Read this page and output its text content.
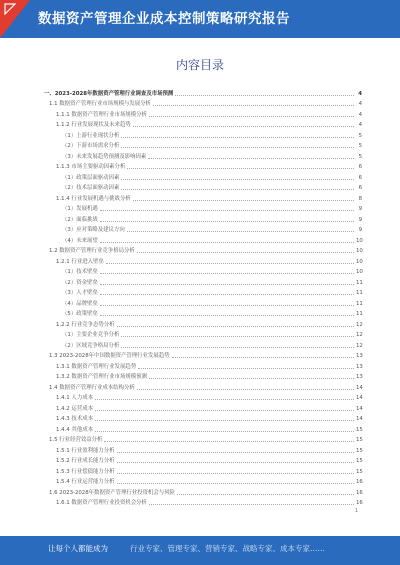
数据资产管理企业成本控制策略研究报告
内容目录
一、2023-2028年数据资产管理行业调查及市场预测	4
1.1 数据资产管理行业市场规模与发展分析	4
1.1.1 数据资产管理行业市场规模分析	4
1.1.2 行业发展现状及未来趋势	4
（1）上游行业现状分析	5
（2）下游市场需求分析	5
（3）未来发展趋势预测及影响因素	5
1.1.3 市场主要驱动因素分析	6
（1）政策层面驱动因素	6
（2）技术层面驱动因素	6
1.1.4 行业发展机遇与挑战分析	8
（1）发展机遇	9
（2）面临挑战	9
（3）应对策略及建议方向	9
（4）未来展望	10
1.2 数据资产管理行业竞争格局分析	10
1.2.1 行业进入壁垒	10
（1）技术壁垒	10
（2）资金壁垒	11
（3）人才壁垒	11
（4）品牌壁垒	11
（5）政策壁垒	11
1.2.2 行业竞争态势分析	12
（1）主要企业竞争分析	12
（2）区域竞争格局分析	12
1.3 2023-2028年中国数据资产管理行业发展趋势	13
1.3.1 数据资产管理行业发展趋势	13
1.3.2 数据资产管理行业市场规模预测	13
1.4 数据资产管理行业成本结构分析	14
1.4.1 人力成本	14
1.4.2 运营成本	14
1.4.3 技术成本	14
1.4.4 其他成本	15
1.5 行业经营效益分析	15
1.5.1 行业盈利能力分析	15
1.5.2 行业成长能力分析	15
1.5.3 行业偿债能力分析	15
1.5.4 行业运营能力分析	16
1.6 2023-2028年数据资产管理行业投资机会与风险	16
1.6.1 数据资产管理行业投资机会分析	16
1
让每个人都能成为	行业专家、管理专家、营销专家、战略专家、成本专家……
